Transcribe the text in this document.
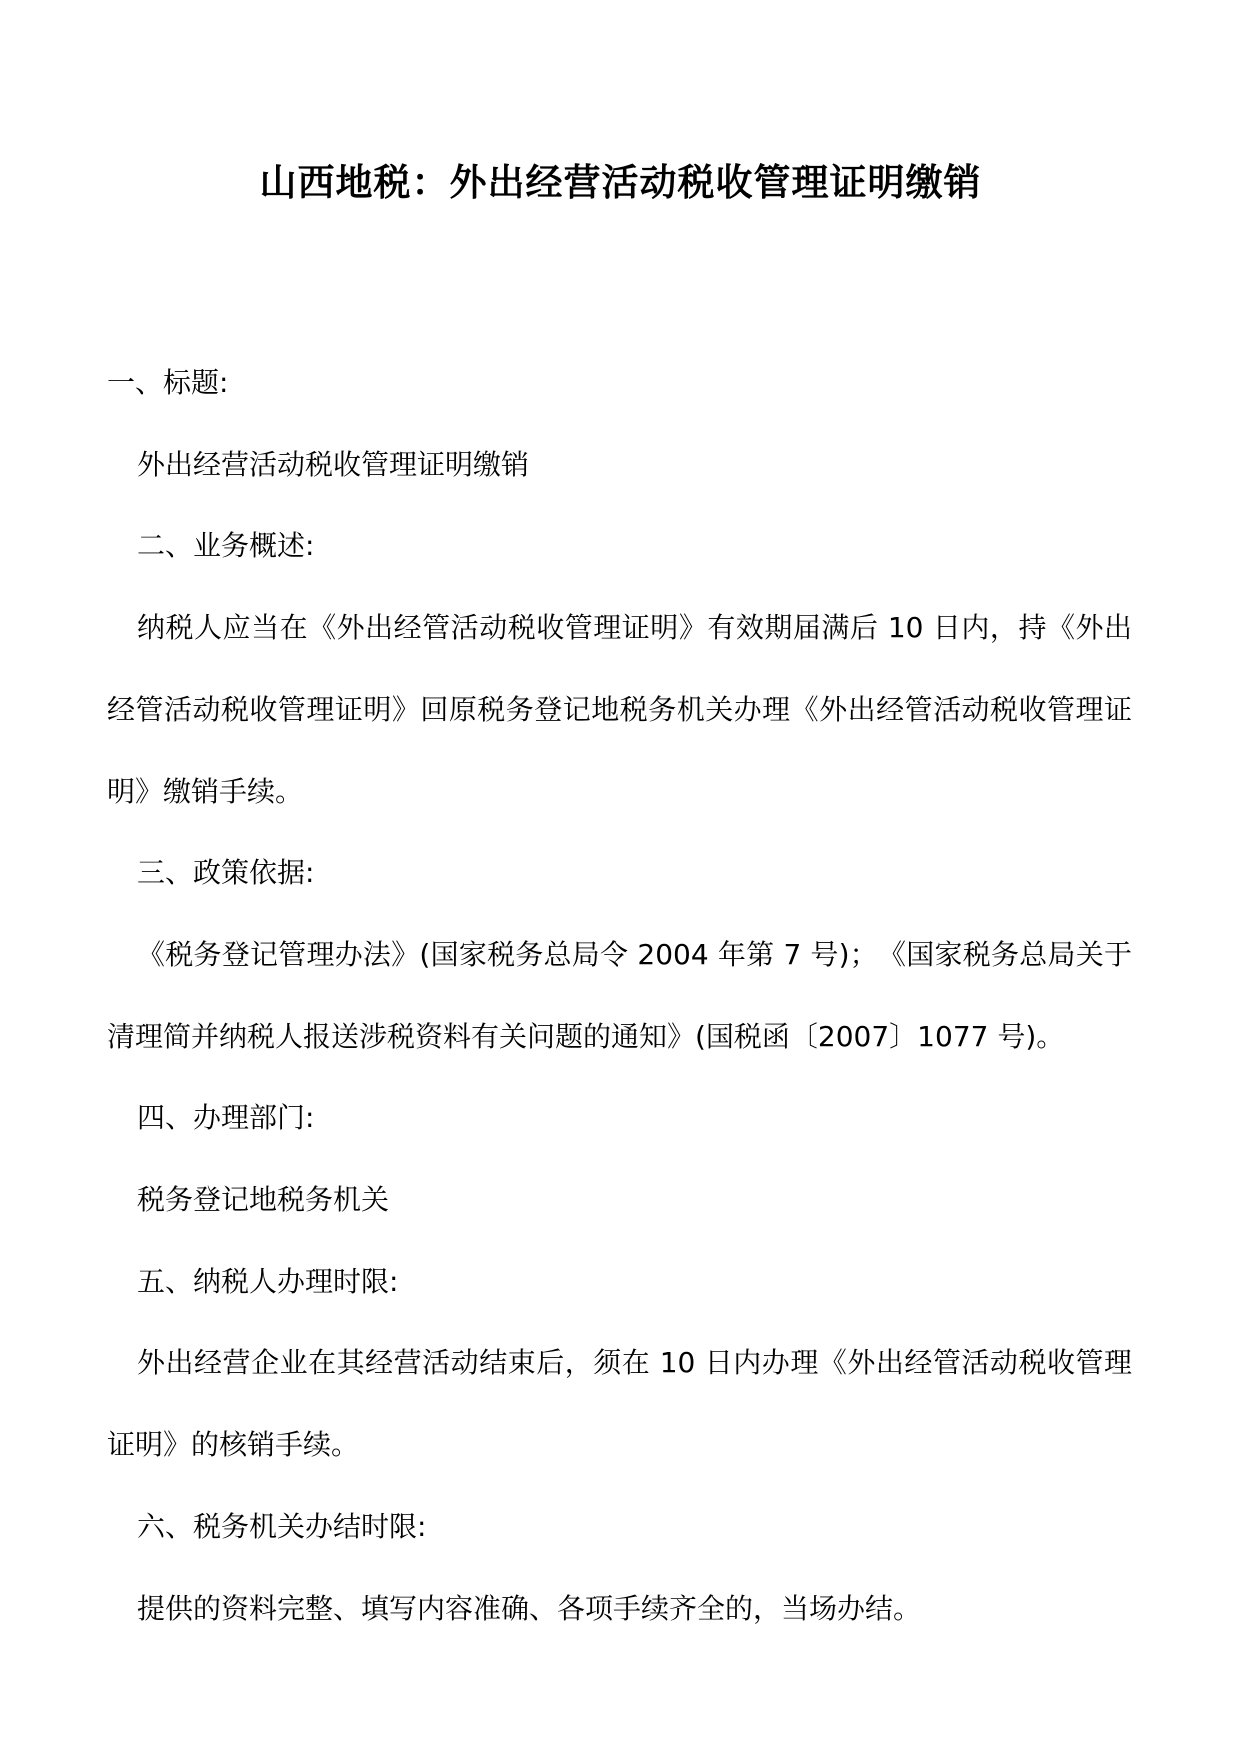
山西地税：外出经营活动税收管理证明缴销

一、标题:

外出经营活动税收管理证明缴销

二、业务概述:

纳税人应当在《外出经管活动税收管理证明》有效期届满后 10 日内，持《外出经管活动税收管理证明》回原税务登记地税务机关办理《外出经管活动税收管理证明》缴销手续。

三、政策依据:

《税务登记管理办法》(国家税务总局令 2004 年第 7 号)；　《国家税务总局关于清理简并纳税人报送涉税资料有关问题的通知》(国税函〔2007〕1077 号)。

四、办理部门:

税务登记地税务机关

五、纳税人办理时限:

外出经营企业在其经营活动结束后，须在 10 日内办理《外出经管活动税收管理证明》的核销手续。

六、税务机关办结时限:

提供的资料完整、填写内容准确、各项手续齐全的，当场办结。
